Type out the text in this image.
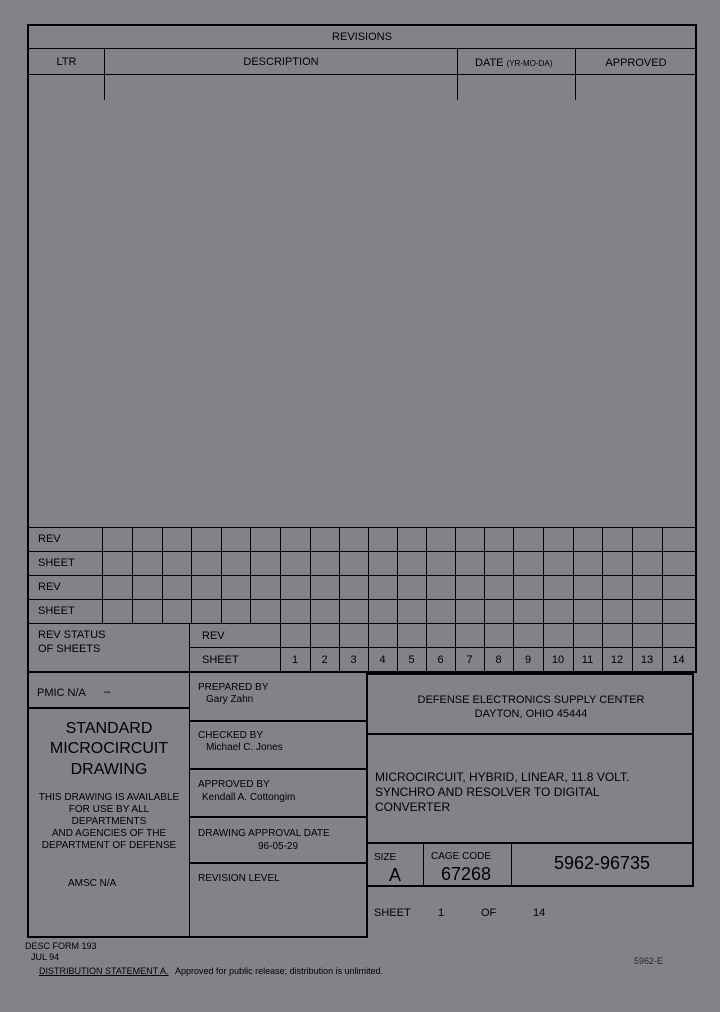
REVISIONS
LTR	DESCRIPTION	DATE (YR-MO-DA)	APPROVED
REV
SHEET
REV
SHEET
REV STATUS
OF SHEETS
REV
SHEET	1	2	3	4	5	6	7	8	9	10	11	12	13	14
PMIC N/A –
STANDARD
MICROCIRCUIT
DRAWING
THIS DRAWING IS AVAILABLE
FOR USE BY ALL
DEPARTMENTS
AND AGENCIES OF THE
DEPARTMENT OF DEFENSE
AMSC N/A
PREPARED BY
Gary Zahn
CHECKED BY
Michael C. Jones
APPROVED BY
Kendall A. Cottongim
DRAWING APPROVAL DATE
96-05-29
REVISION LEVEL
DEFENSE ELECTRONICS SUPPLY CENTER
DAYTON, OHIO 45444
MICROCIRCUIT, HYBRID, LINEAR, 11.8 VOLT.
SYNCHRO AND RESOLVER TO DIGITAL
CONVERTER
SIZE
A
CAGE CODE
67268
5962-96735
SHEET 1	OF	14
DESC FORM 193
JUL 94
DISTRIBUTION STATEMENT A. Approved for public release; distribution is unlimited.
5962-E
